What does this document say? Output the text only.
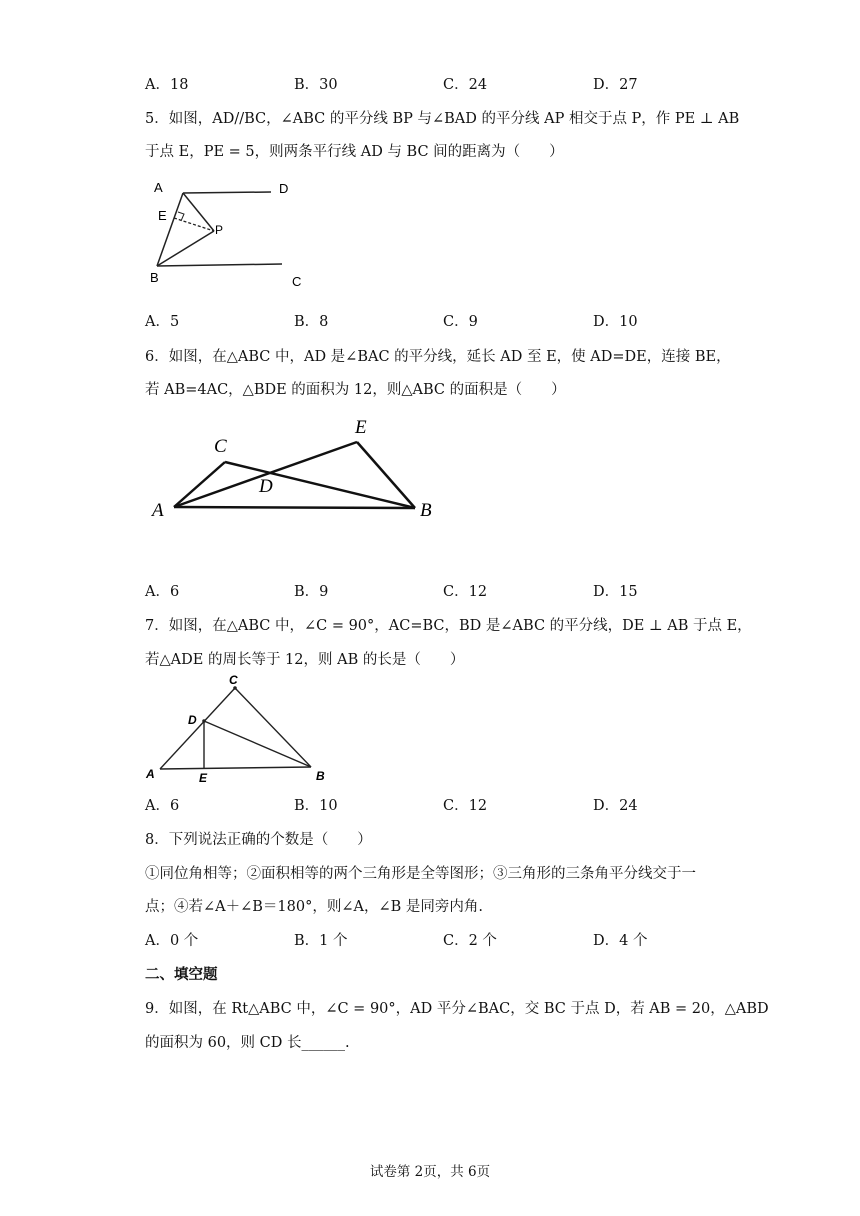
A．18	B．30	C．24	D．27
5．如图，AD//BC，∠ABC 的平分线 BP 与∠BAD 的平分线 AP 相交于点 P，作 PE ⊥ AB
于点 E，PE = 5，则两条平行线 AD 与 BC 间的距离为（　　）
A	D
E
P
B	C
A．5	B．8	C．9	D．10
6．如图，在△ABC 中，AD 是∠BAC 的平分线，延长 AD 至 E，使 AD=DE，连接 BE，
若 AB=4AC，△BDE 的面积为 12，则△ABC 的面积是（　　）
C
E
D
A	B
A．6	B．9	C．12	D．15
7．如图，在△ABC 中，∠C = 90°，AC=BC，BD 是∠ABC 的平分线，DE ⊥ AB 于点 E，
若△ADE 的周长等于 12，则 AB 的长是（　　）
C
D
A	E	B
A．6	B．10	C．12	D．24
8．下列说法正确的个数是（　　）
①同位角相等；②面积相等的两个三角形是全等图形；③三角形的三条角平分线交于一
点；④若∠A＋∠B＝180°，则∠A，∠B 是同旁内角.
A．0 个	B．1 个	C．2 个	D．4 个
二、填空题
9．如图，在 Rt△ABC 中，∠C = 90°，AD 平分∠BAC，交 BC 于点 D，若 AB = 20，△ABD
的面积为 60，则 CD 长______.
试卷第 2页，共 6页
